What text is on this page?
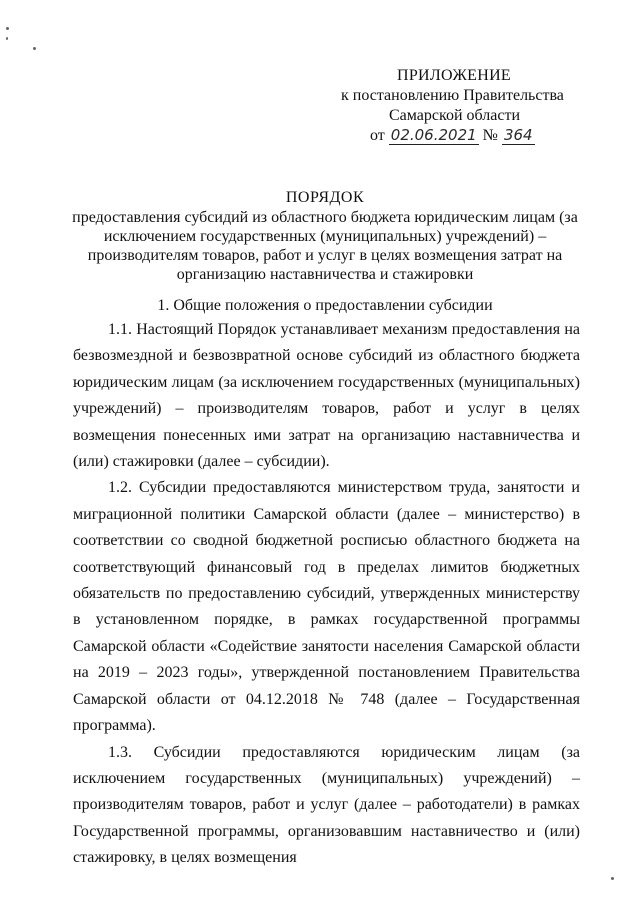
ПРИЛОЖЕНИЕ
к постановлению Правительства
Самарской области
от 02.06.2021 № 364
ПОРЯДОК
предоставления субсидий из областного бюджета юридическим лицам (за исключением государственных (муниципальных) учреждений) – производителям товаров, работ и услуг в целях возмещения затрат на организацию наставничества и стажировки
1. Общие положения о предоставлении субсидии

1.1. Настоящий Порядок устанавливает механизм предоставления на безвозмездной и безвозвратной основе субсидий из областного бюджета юридическим лицам (за исключением государственных (муниципальных) учреждений) – производителям товаров, работ и услуг в целях возмещения понесенных ими затрат на организацию наставничества и (или) стажировки (далее – субсидии).

1.2. Субсидии предоставляются министерством труда, занятости и миграционной политики Самарской области (далее – министерство) в соответствии со сводной бюджетной росписью областного бюджета на соответствующий финансовый год в пределах лимитов бюджетных обязательств по предоставлению субсидий, утвержденных министерству в установленном порядке, в рамках государственной программы Самарской области «Содействие занятости населения Самарской области на 2019 – 2023 годы», утвержденной постановлением Правительства Самарской области от 04.12.2018 № 748 (далее – Государственная программа).

1.3. Субсидии предоставляются юридическим лицам (за исключением государственных (муниципальных) учреждений) – производителям товаров, работ и услуг (далее – работодатели) в рамках Государственной программы, организовавшим наставничество и (или) стажировку, в целях возмещения
